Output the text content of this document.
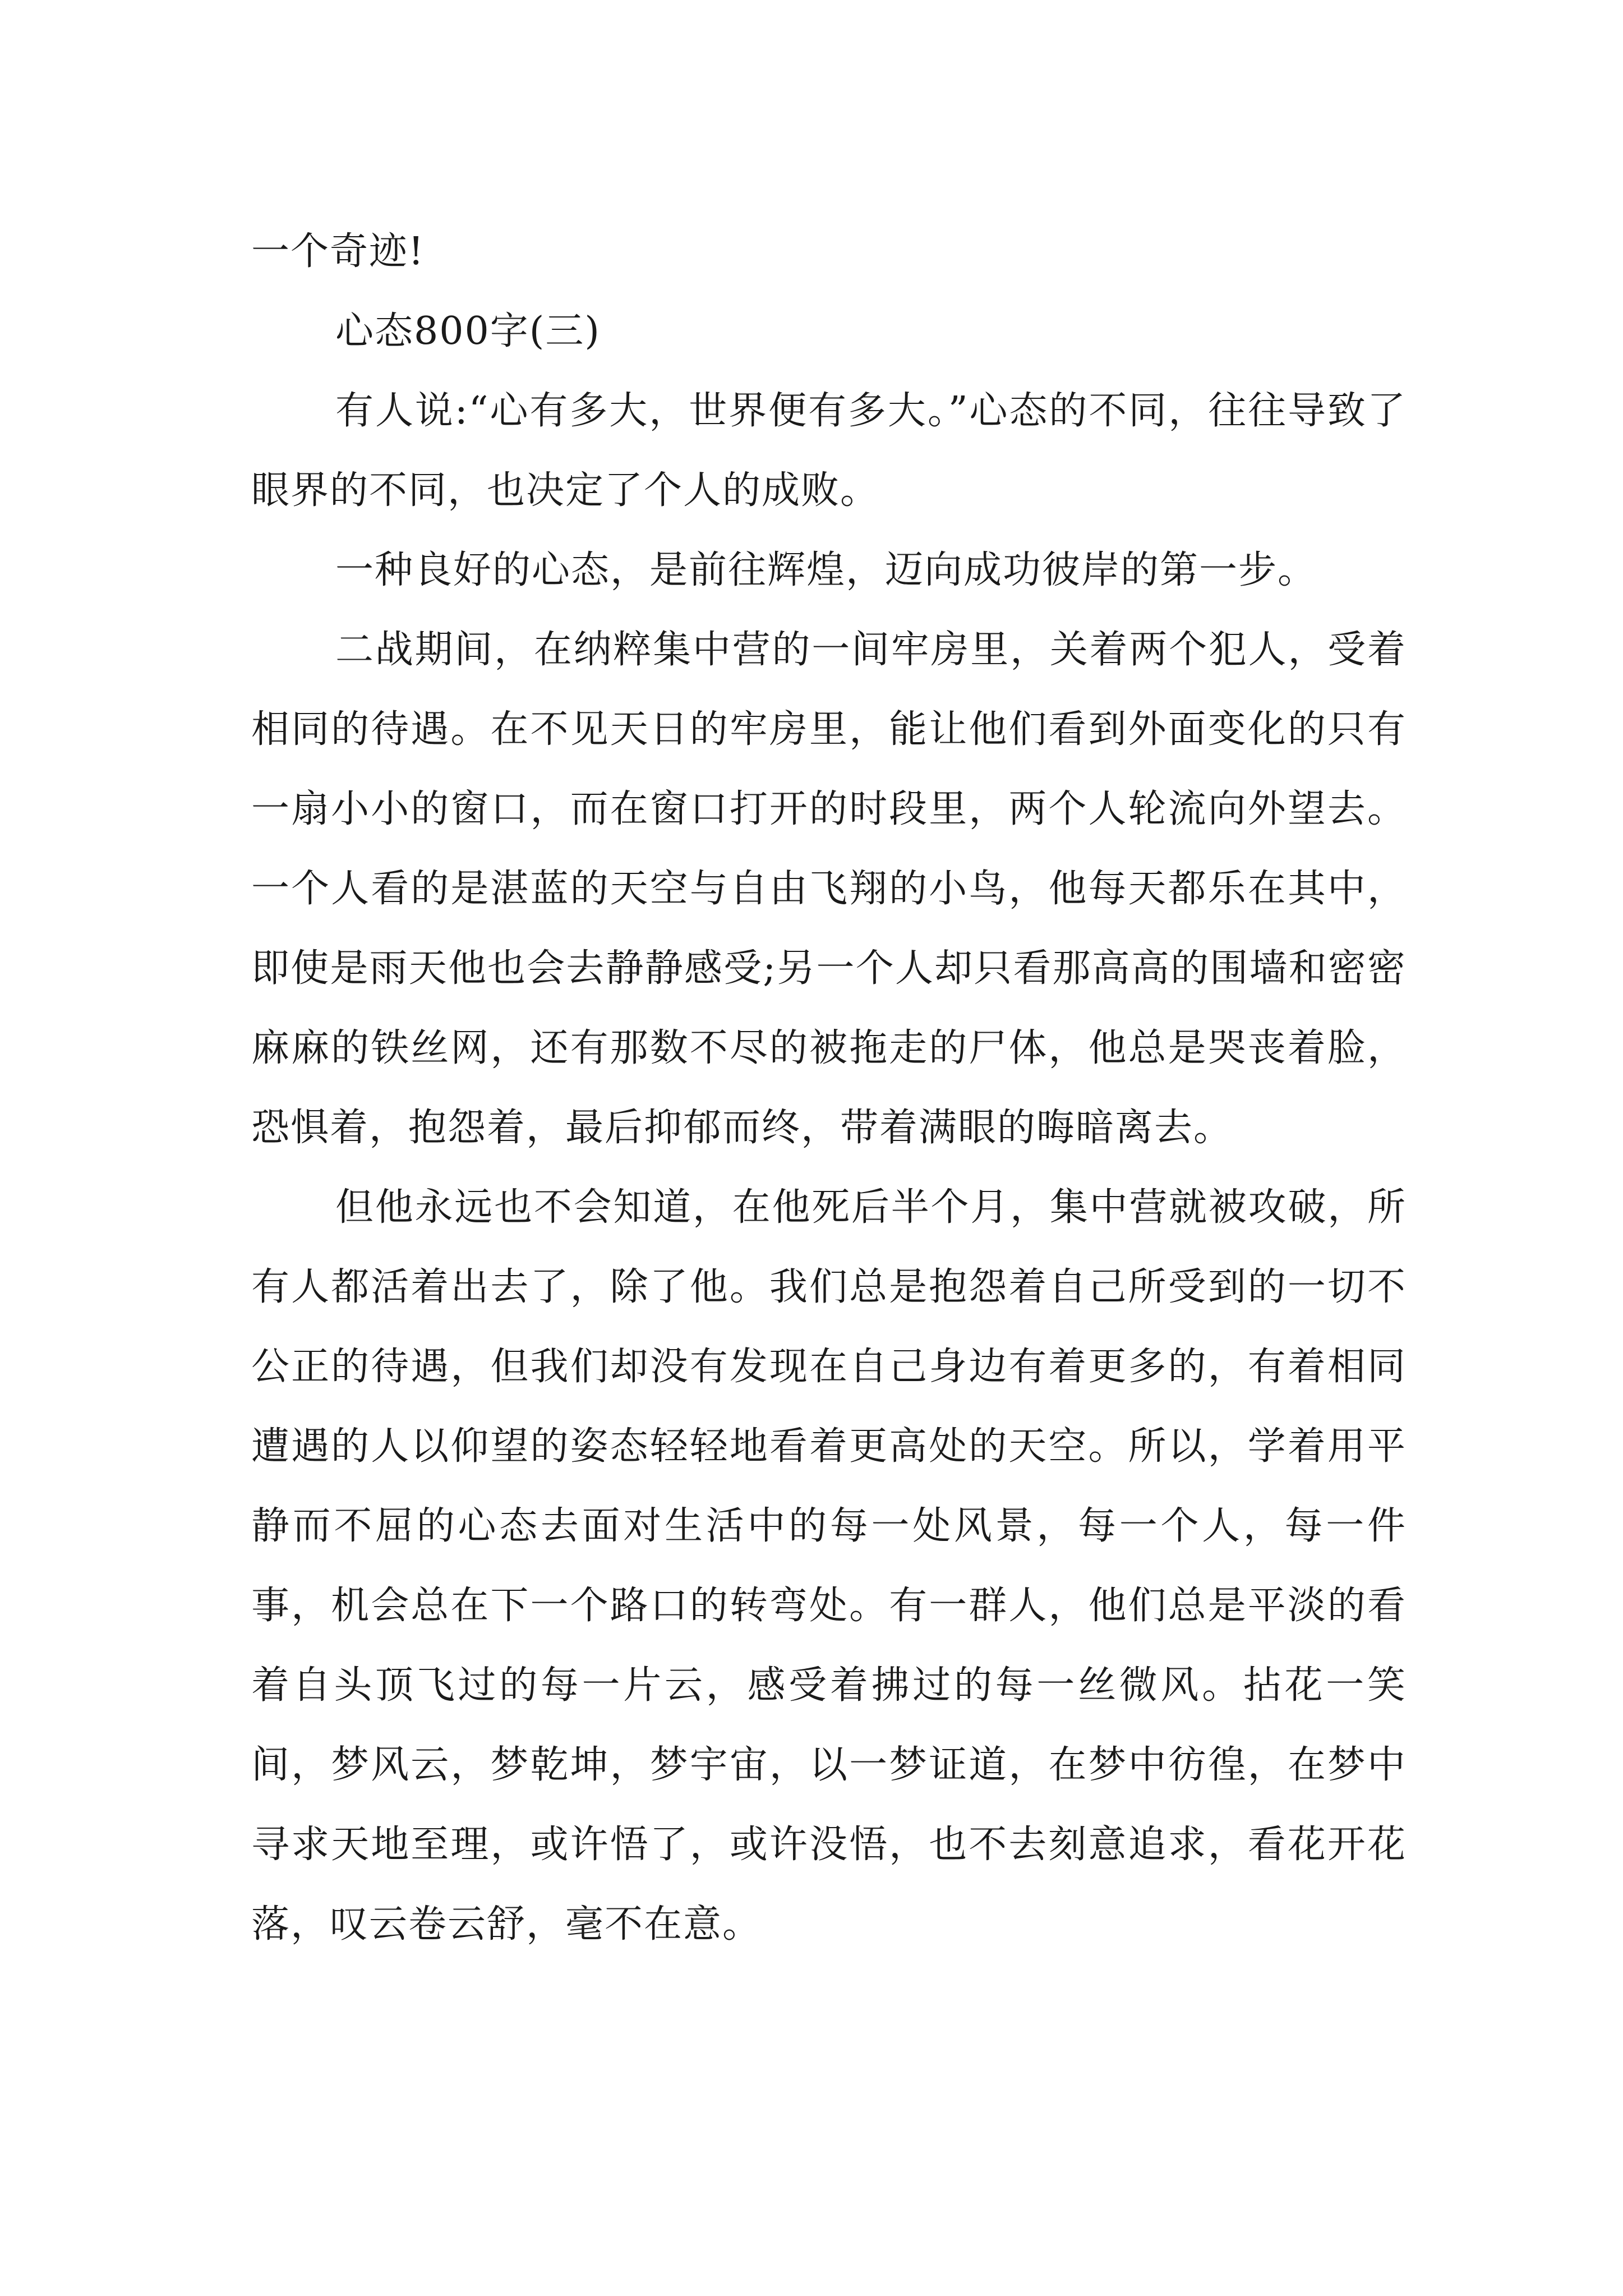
一个奇迹!

心态800字(三)

有人说:“心有多大，世界便有多大。”心态的不同，往往导致了眼界的不同，也决定了个人的成败。

一种良好的心态，是前往辉煌，迈向成功彼岸的第一步。

二战期间，在纳粹集中营的一间牢房里，关着两个犯人，受着相同的待遇。在不见天日的牢房里，能让他们看到外面变化的只有一扇小小的窗口，而在窗口打开的时段里，两个人轮流向外望去。一个人看的是湛蓝的天空与自由飞翔的小鸟，他每天都乐在其中，即使是雨天他也会去静静感受;另一个人却只看那高高的围墙和密密麻麻的铁丝网，还有那数不尽的被拖走的尸体，他总是哭丧着脸，恐惧着，抱怨着，最后抑郁而终，带着满眼的晦暗离去。

但他永远也不会知道，在他死后半个月，集中营就被攻破，所有人都活着出去了，除了他。我们总是抱怨着自己所受到的一切不公正的待遇，但我们却没有发现在自己身边有着更多的，有着相同遭遇的人以仰望的姿态轻轻地看着更高处的天空。所以，学着用平静而不屈的心态去面对生活中的每一处风景，每一个人，每一件事，机会总在下一个路口的转弯处。有一群人，他们总是平淡的看着自头顶飞过的每一片云，感受着拂过的每一丝微风。拈花一笑间，梦风云，梦乾坤，梦宇宙，以一梦证道，在梦中彷徨，在梦中寻求天地至理，或许悟了，或许没悟，也不去刻意追求，看花开花落，叹云卷云舒，毫不在意。
